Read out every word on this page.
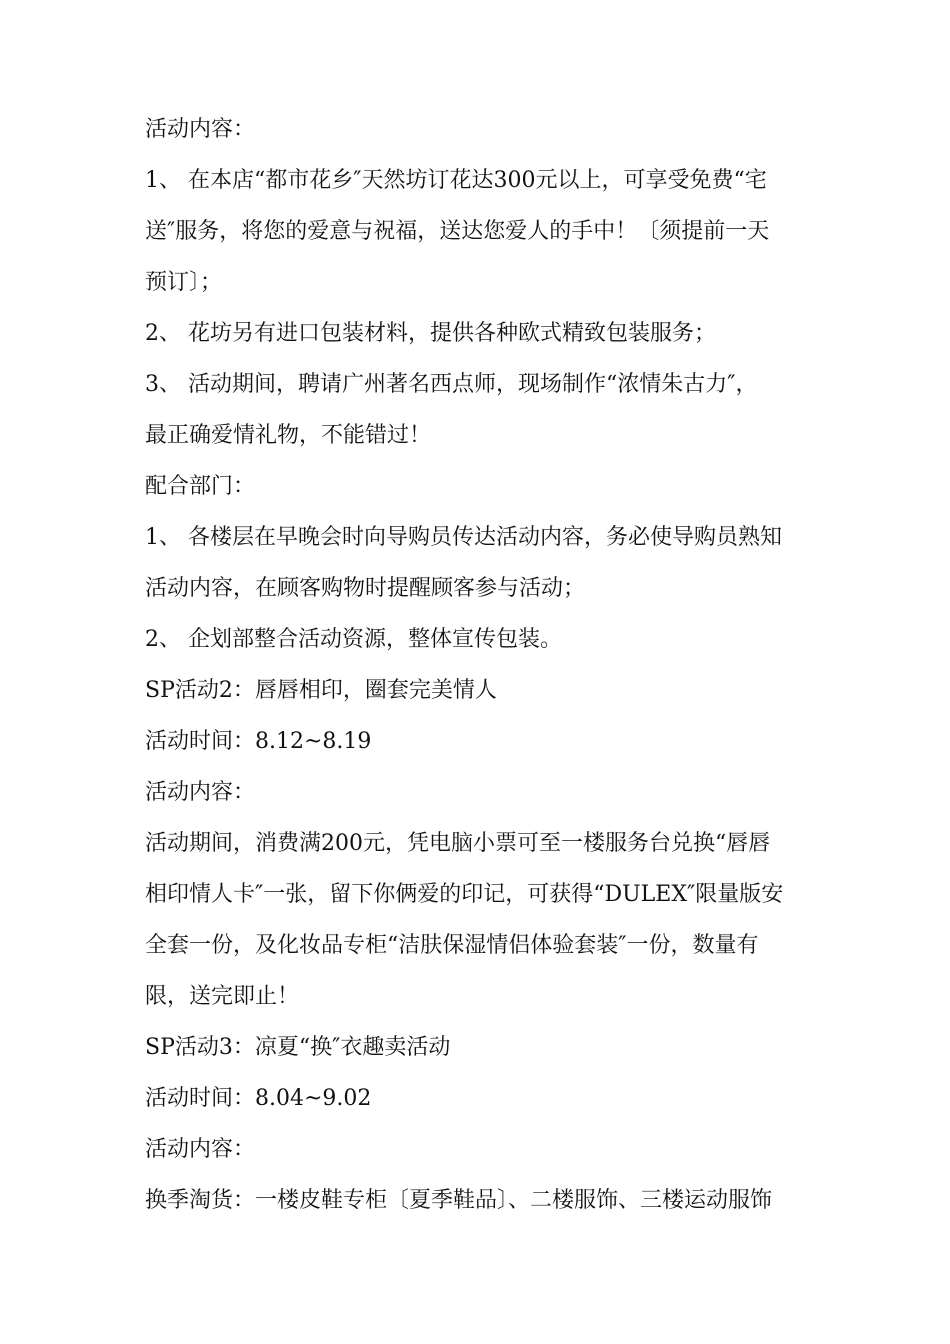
活动内容：
1、 在本店“都市花乡″天然坊订花达300元以上，可享受免费“宅
送″服务，将您的爱意与祝福，送达您爱人的手中！〔须提前一天
预订〕；
2、 花坊另有进口包装材料，提供各种欧式精致包装服务；
3、 活动期间，聘请广州著名西点师，现场制作“浓情朱古力″，
最正确爱情礼物，不能错过！
配合部门：
1、 各楼层在早晚会时向导购员传达活动内容，务必使导购员熟知
活动内容，在顾客购物时提醒顾客参与活动；
2、 企划部整合活动资源，整体宣传包装。
SP活动2：唇唇相印，圈套完美情人
活动时间：8.12~8.19
活动内容：
活动期间，消费满200元，凭电脑小票可至一楼服务台兑换“唇唇
相印情人卡″一张，留下你俩爱的印记，可获得“DULEX″限量版安
全套一份，及化妆品专柜“洁肤保湿情侣体验套装″一份，数量有
限，送完即止！
SP活动3：凉夏“换″衣趣卖活动
活动时间：8.04~9.02
活动内容：
换季淘货：一楼皮鞋专柜〔夏季鞋品〕、二楼服饰、三楼运动服饰
